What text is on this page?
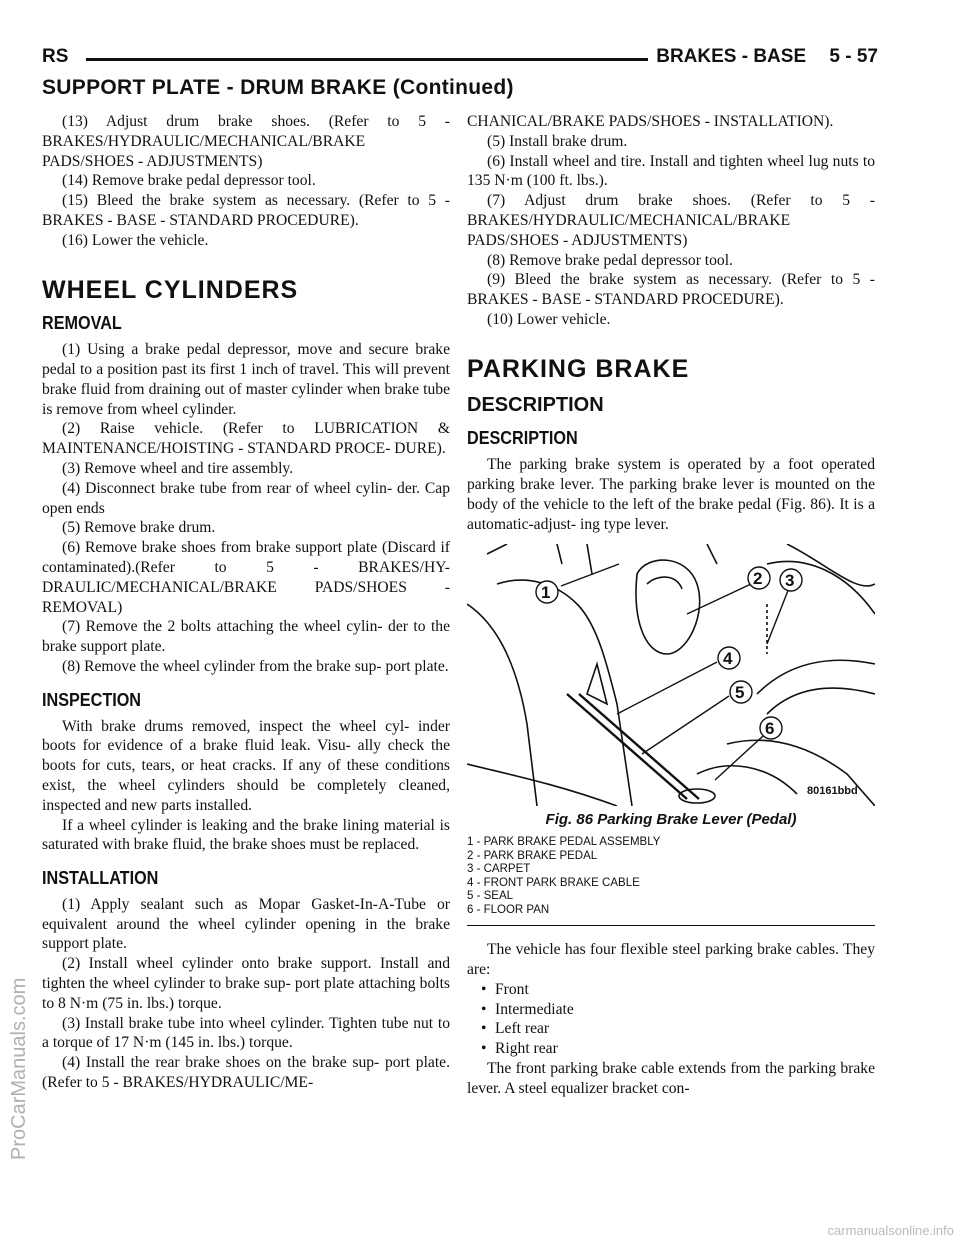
RS	BRAKES - BASE 5 - 57
SUPPORT PLATE - DRUM BRAKE (Continued)

(13) Adjust drum brake shoes. (Refer to 5 - BRAKES/HYDRAULIC/MECHANICAL/BRAKE PADS/SHOES - ADJUSTMENTS)

(14) Remove brake pedal depressor tool.

(15) Bleed the brake system as necessary. (Refer to 5 - BRAKES - BASE - STANDARD PROCEDURE).

(16) Lower the vehicle.

WHEEL CYLINDERS
REMOVAL

(1) Using a brake pedal depressor, move and secure brake pedal to a position past its first 1 inch of travel. This will prevent brake fluid from draining out of master cylinder when brake tube is remove from wheel cylinder.

(2) Raise vehicle. (Refer to LUBRICATION & MAINTENANCE/HOISTING - STANDARD PROCE- DURE).

(3) Remove wheel and tire assembly.

(4) Disconnect brake tube from rear of wheel cylin- der. Cap open ends

(5) Remove brake drum.

(6) Remove brake shoes from brake support plate (Discard if contaminated).(Refer to 5 - BRAKES/HY- DRAULIC/MECHANICAL/BRAKE PADS/SHOES - REMOVAL)

(7) Remove the 2 bolts attaching the wheel cylin- der to the brake support plate.

(8) Remove the wheel cylinder from the brake sup- port plate.

INSPECTION

With brake drums removed, inspect the wheel cyl- inder boots for evidence of a brake fluid leak. Visu- ally check the boots for cuts, tears, or heat cracks. If any of these conditions exist, the wheel cylinders should be completely cleaned, inspected and new parts installed.

If a wheel cylinder is leaking and the brake lining material is saturated with brake fluid, the brake shoes must be replaced.

INSTALLATION

(1) Apply sealant such as Mopar Gasket-In-A-Tube or equivalent around the wheel cylinder opening in the brake support plate.

(2) Install wheel cylinder onto brake support. Install and tighten the wheel cylinder to brake sup- port plate attaching bolts to 8 N·m (75 in. lbs.) torque.

(3) Install brake tube into wheel cylinder. Tighten tube nut to a torque of 17 N·m (145 in. lbs.) torque.

(4) Install the rear brake shoes on the brake sup- port plate. (Refer to 5 - BRAKES/HYDRAULIC/ME-

CHANICAL/BRAKE PADS/SHOES - INSTALLATION).

(5) Install brake drum.

(6) Install wheel and tire. Install and tighten wheel lug nuts to 135 N·m (100 ft. lbs.).

(7) Adjust drum brake shoes. (Refer to 5 - BRAKES/HYDRAULIC/MECHANICAL/BRAKE PADS/SHOES - ADJUSTMENTS)

(8) Remove brake pedal depressor tool.

(9) Bleed the brake system as necessary. (Refer to 5 - BRAKES - BASE - STANDARD PROCEDURE).

(10) Lower vehicle.

PARKING BRAKE
DESCRIPTION
DESCRIPTION

The parking brake system is operated by a foot operated parking brake lever. The parking brake lever is mounted on the body of the vehicle to the left of the brake pedal (Fig. 86). It is a automatic-adjust- ing type lever.

1
2 3
4
5
6
80161bbd
Fig. 86 Parking Brake Lever (Pedal)
1 - PARK BRAKE PEDAL ASSEMBLY
2 - PARK BRAKE PEDAL
3 - CARPET
4 - FRONT PARK BRAKE CABLE
5 - SEAL
6 - FLOOR PAN

The vehicle has four flexible steel parking brake cables. They are:

• Front
• Intermediate
• Left rear
• Right rear

The front parking brake cable extends from the parking brake lever. A steel equalizer bracket con-

ProCarManuals.com
carmanualsonline.info
